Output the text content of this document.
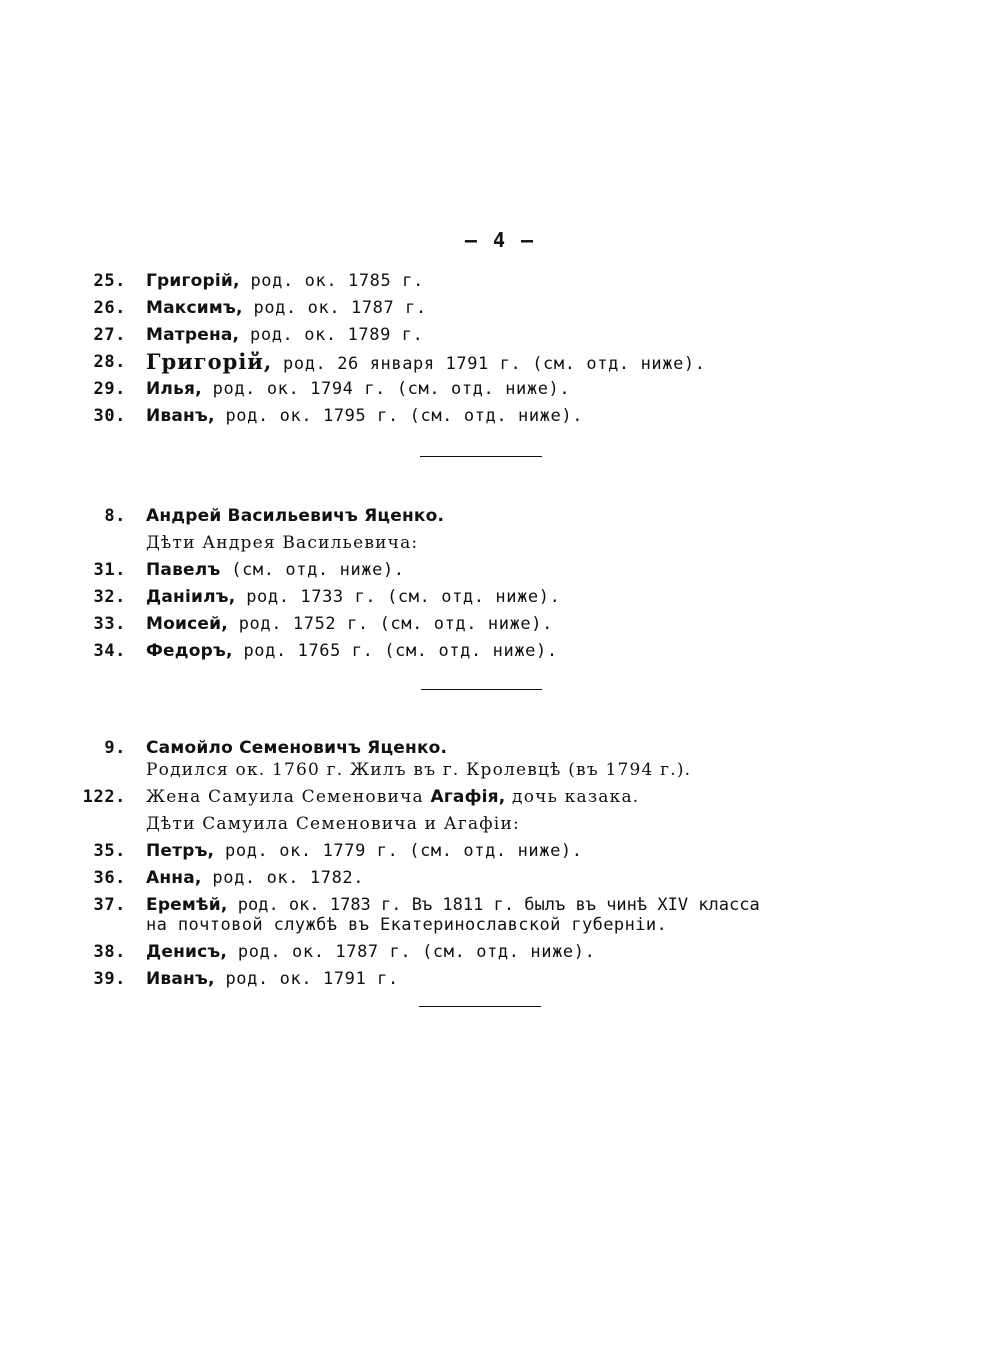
— 4 —
25. Григорій, род. ок. 1785 г.
26. Максимъ, род. ок. 1787 г.
27. Матрена, род. ок. 1789 г.
28. Григорій, род. 26 января 1791 г. (см. отд. ниже).
29. Илья, род. ок. 1794 г. (см. отд. ниже).
30. Иванъ, род. ок. 1795 г. (см. отд. ниже).
8. Андрей Васильевичъ Яценко.
Дѣти Андрея Васильевича:
31. Павелъ (см. отд. ниже).
32. Даніилъ, род. 1733 г. (см. отд. ниже).
33. Моисей, род. 1752 г. (см. отд. ниже).
34. Федоръ, род. 1765 г. (см. отд. ниже).
9. Самойло Семеновичъ Яценко.
Родился ок. 1760 г. Жилъ въ г. Кролевцѣ (въ 1794 г.).
122. Жена Самуила Семеновича Агафія, дочь казака.
Дѣти Самуила Семеновича и Агафіи:
35. Петръ, род. ок. 1779 г. (см. отд. ниже).
36. Анна, род. ок. 1782.
37. Еремѣй, род. ок. 1783 г. Въ 1811 г. былъ въ чинѣ XIV класса
на почтовой службѣ въ Екатеринославской губерніи.
38. Денисъ, род. ок. 1787 г. (см. отд. ниже).
39. Иванъ, род. ок. 1791 г.
